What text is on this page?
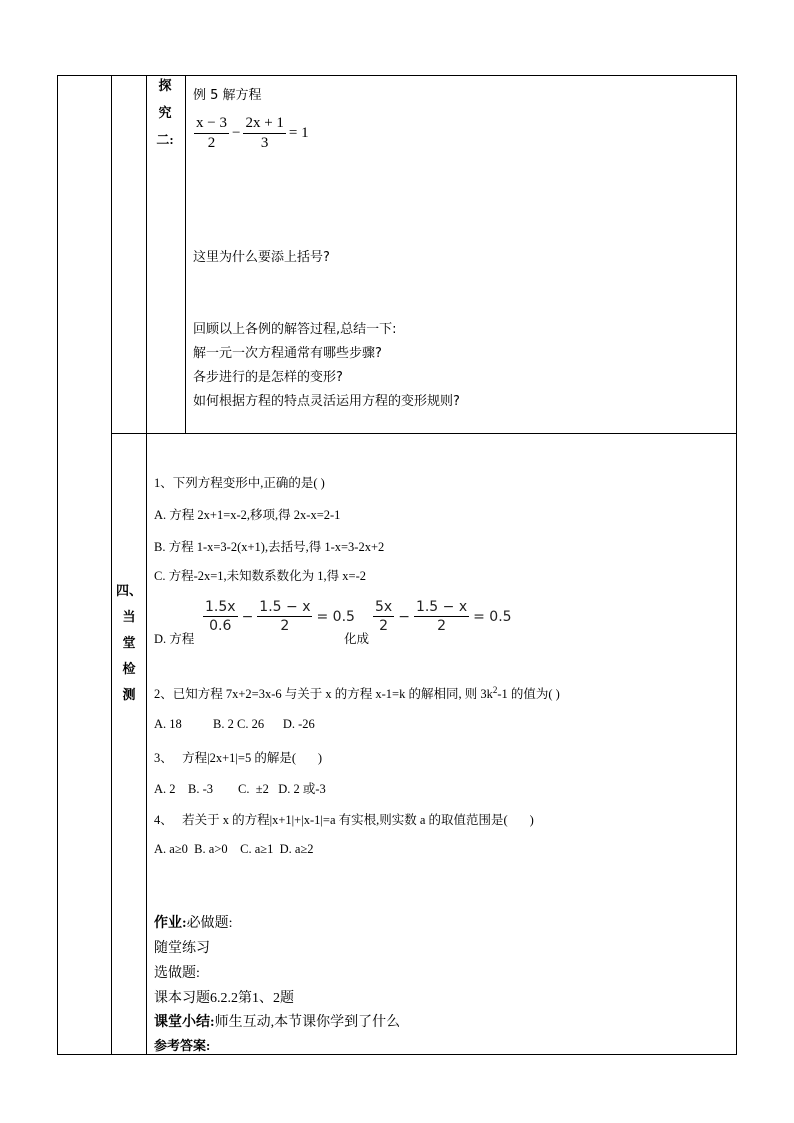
探
究
二:
例 5 解方程
$\frac{x - 3}{2} - \frac{2x + 1}{3} = 1$
这里为什么要添上括号?
回顾以上各例的解答过程,总结一下:
解一元一次方程通常有哪些步骤?
各步进行的是怎样的变形?
如何根据方程的特点灵活运用方程的变形规则?
四、
当
堂
检
测
1、下列方程变形中,正确的是( )
A. 方程 2x+1=x-2,移项,得 2x-x=2-1
B. 方程 1-x=3-2(x+1),去括号,得 1-x=3-2x+2
C. 方程-2x=1,未知数系数化为 1,得 x=-2
D. 方程
$\frac{1.5x}{0.6} - \frac{1.5 - x}{2} = 0.5$
化成
$\frac{5x}{2} - \frac{1.5 - x}{2} = 0.5$
2、已知方程 7x+2=3x-6 与关于 x 的方程 x-1=k 的解相同, 则 $3k^2-1$ 的值为( )
A. 18          B. 2 C. 26      D. -26
3、   方程|2x+1|=5 的解是(       )
A. 2    B. -3        C.  ±2   D. 2 或-3
4、   若关于 x 的方程|x+1|+|x-1|=a 有实根,则实数 a 的取值范围是(       )
A. a≥0  B. a>0    C. a≥1  D. a≥2
作业:必做题:
随堂练习
选做题:
课本习题6.2.2第1、2题
课堂小结:师生互动,本节课你学到了什么
参考答案:
